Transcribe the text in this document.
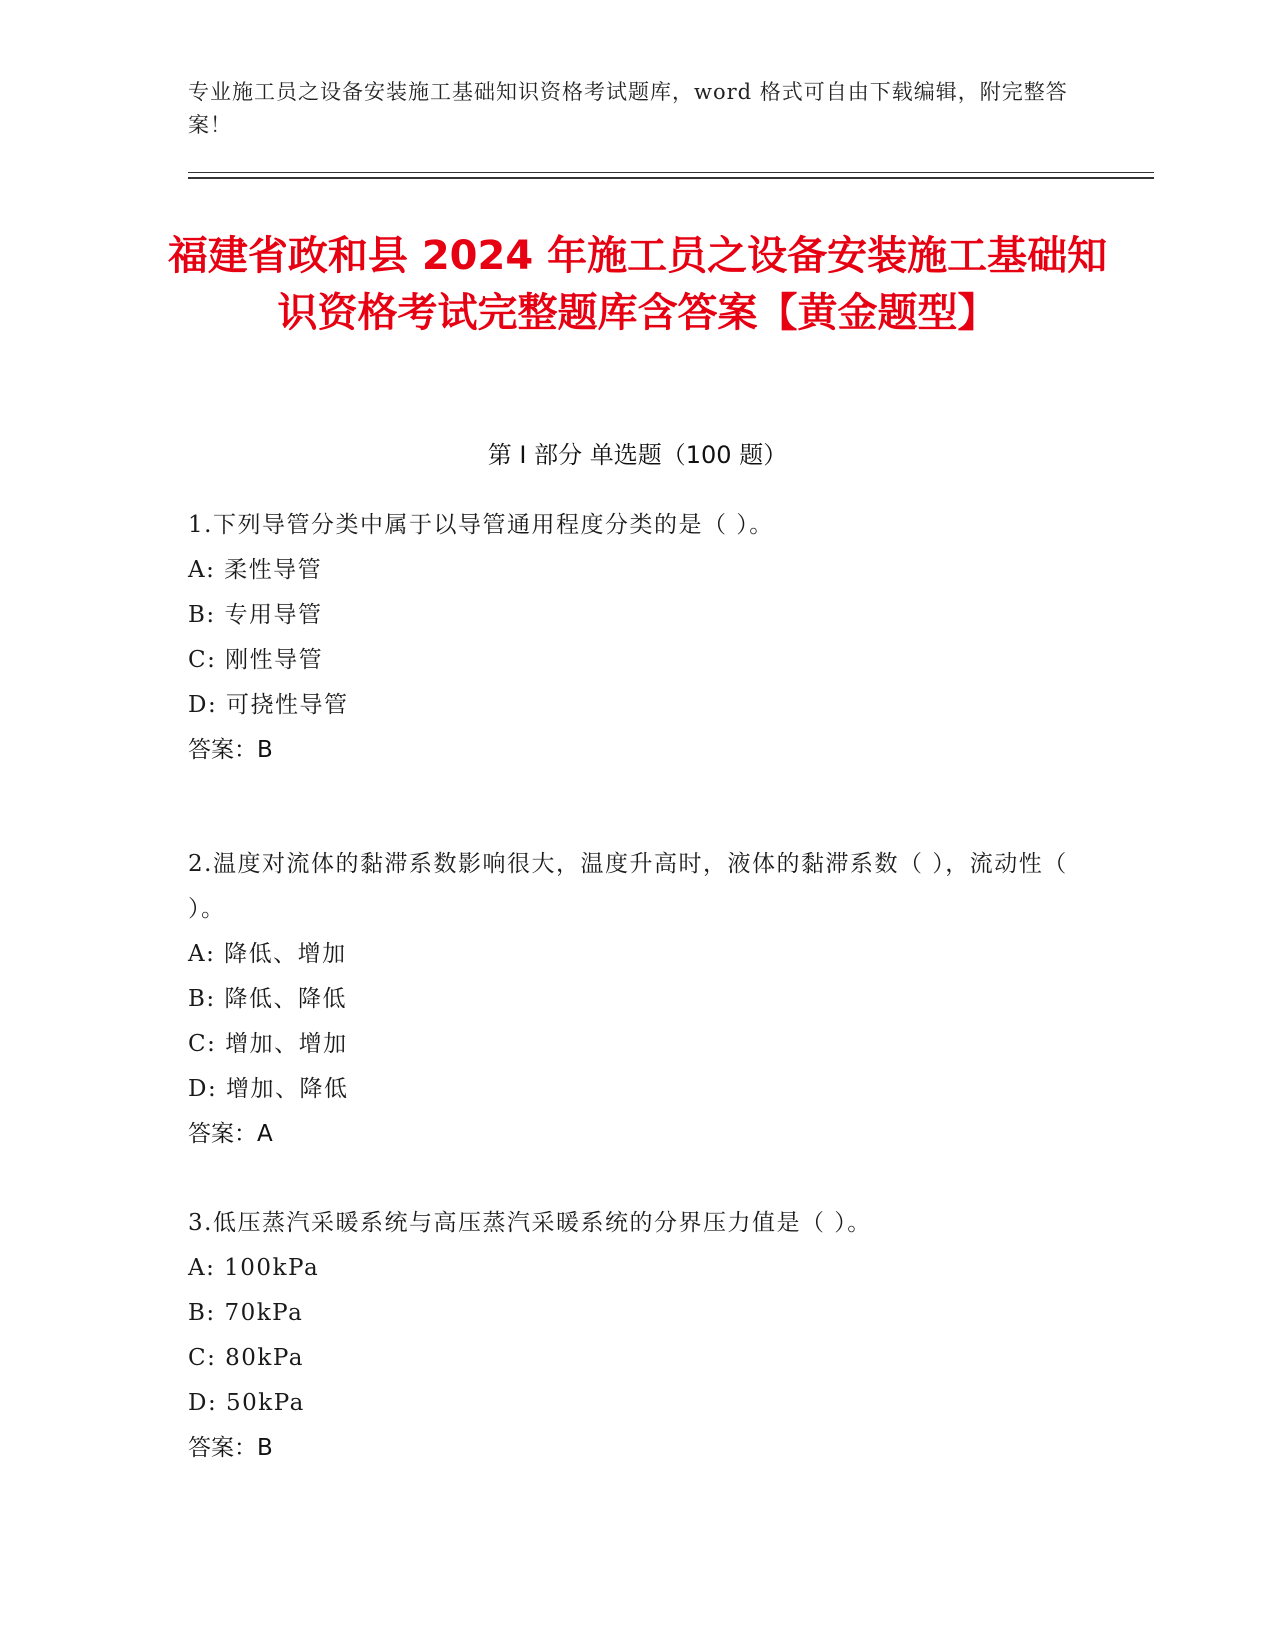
专业施工员之设备安装施工基础知识资格考试题库，word 格式可自由下载编辑，附完整答案！
福建省政和县 2024 年施工员之设备安装施工基础知识资格考试完整题库含答案【黄金题型】
第 I 部分 单选题（100 题）

1.下列导管分类中属于以导管通用程度分类的是（ ）。

A: 柔性导管

B: 专用导管

C: 刚性导管

D: 可挠性导管

答案：B

2.温度对流体的黏滞系数影响很大，温度升高时，液体的黏滞系数（ ），流动性（ ）。

A: 降低、增加

B: 降低、降低

C: 增加、增加

D: 增加、降低

答案：A

3.低压蒸汽采暖系统与高压蒸汽采暖系统的分界压力值是（ ）。

A: 100kPa

B: 70kPa

C: 80kPa

D: 50kPa

答案：B
